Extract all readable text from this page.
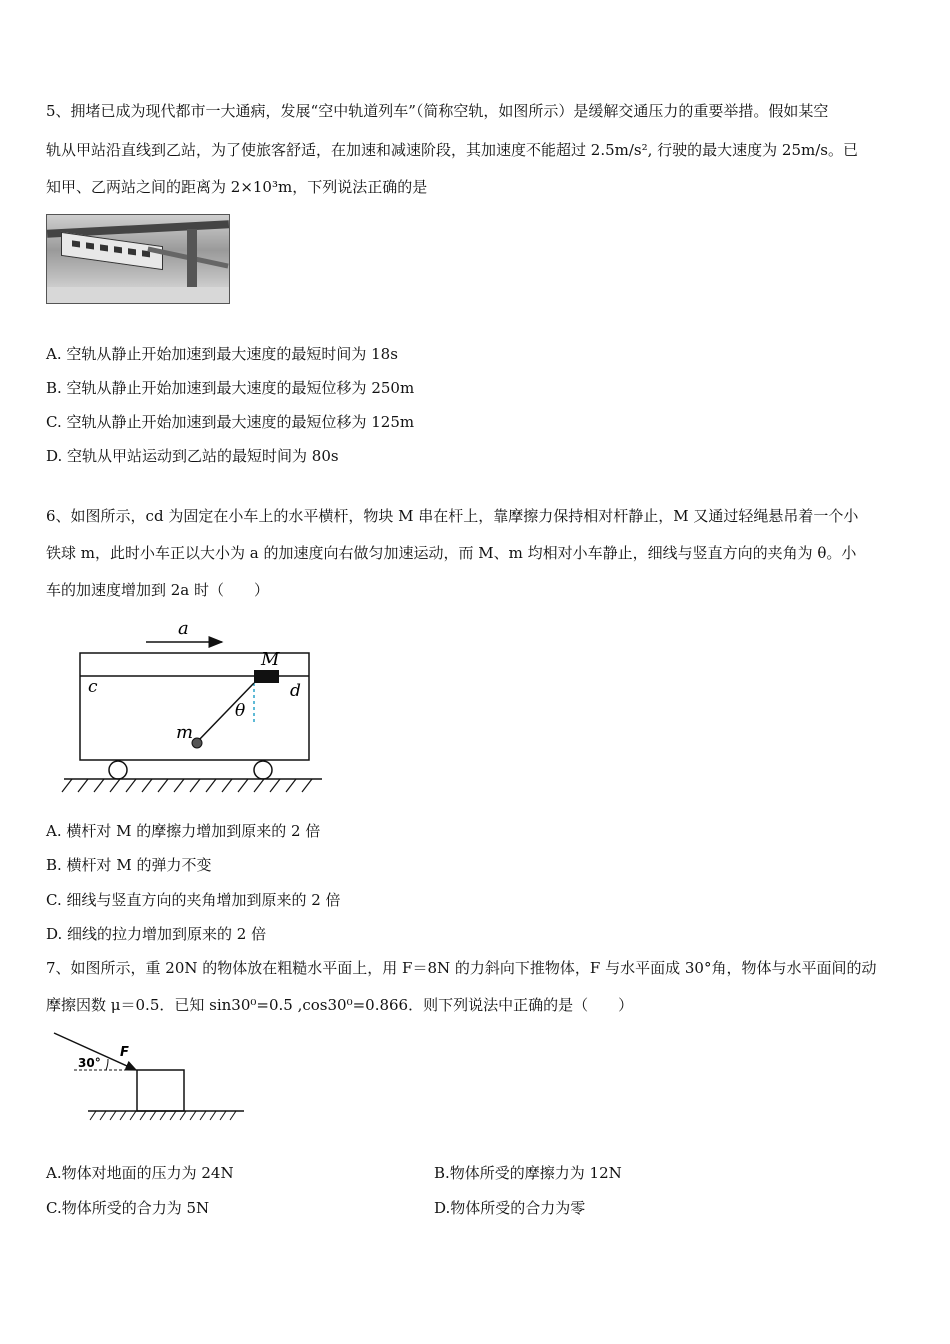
5、拥堵已成为现代都市一大通病，发展“空中轨道列车”（简称空轨，如图所示）是缓解交通压力的重要举措。假如某空
轨从甲站沿直线到乙站，为了使旅客舒适，在加速和减速阶段，其加速度不能超过 2.5m/s², 行驶的最大速度为 25m/s。已
知甲、乙两站之间的距离为 2×10³m，下列说法正确的是
A. 空轨从静止开始加速到最大速度的最短时间为 18s
B. 空轨从静止开始加速到最大速度的最短位移为 250m
C. 空轨从静止开始加速到最大速度的最短位移为 125m
D. 空轨从甲站运动到乙站的最短时间为 80s
6、如图所示，cd 为固定在小车上的水平横杆，物块 M 串在杆上，靠摩擦力保持相对杆静止，M 又通过轻绳悬吊着一个小
铁球 m，此时小车正以大小为 a 的加速度向右做匀加速运动，而 M、m 均相对小车静止，细线与竖直方向的夹角为 θ。小
车的加速度增加到 2a 时（　　）
a
M
c	d
θ
m
A. 横杆对 M 的摩擦力增加到原来的 2 倍
B. 横杆对 M 的弹力不变
C. 细线与竖直方向的夹角增加到原来的 2 倍
D. 细线的拉力增加到原来的 2 倍
7、如图所示，重 20N 的物体放在粗糙水平面上，用 F＝8N 的力斜向下推物体，F 与水平面成 30°角，物体与水平面间的动
摩擦因数 μ＝0.5．已知 sin30⁰=0.5 ,cos30⁰=0.866．则下列说法中正确的是（　　）
30°
F
A.物体对地面的压力为 24N	B.物体所受的摩擦力为 12N
C.物体所受的合力为 5N	D.物体所受的合力为零
